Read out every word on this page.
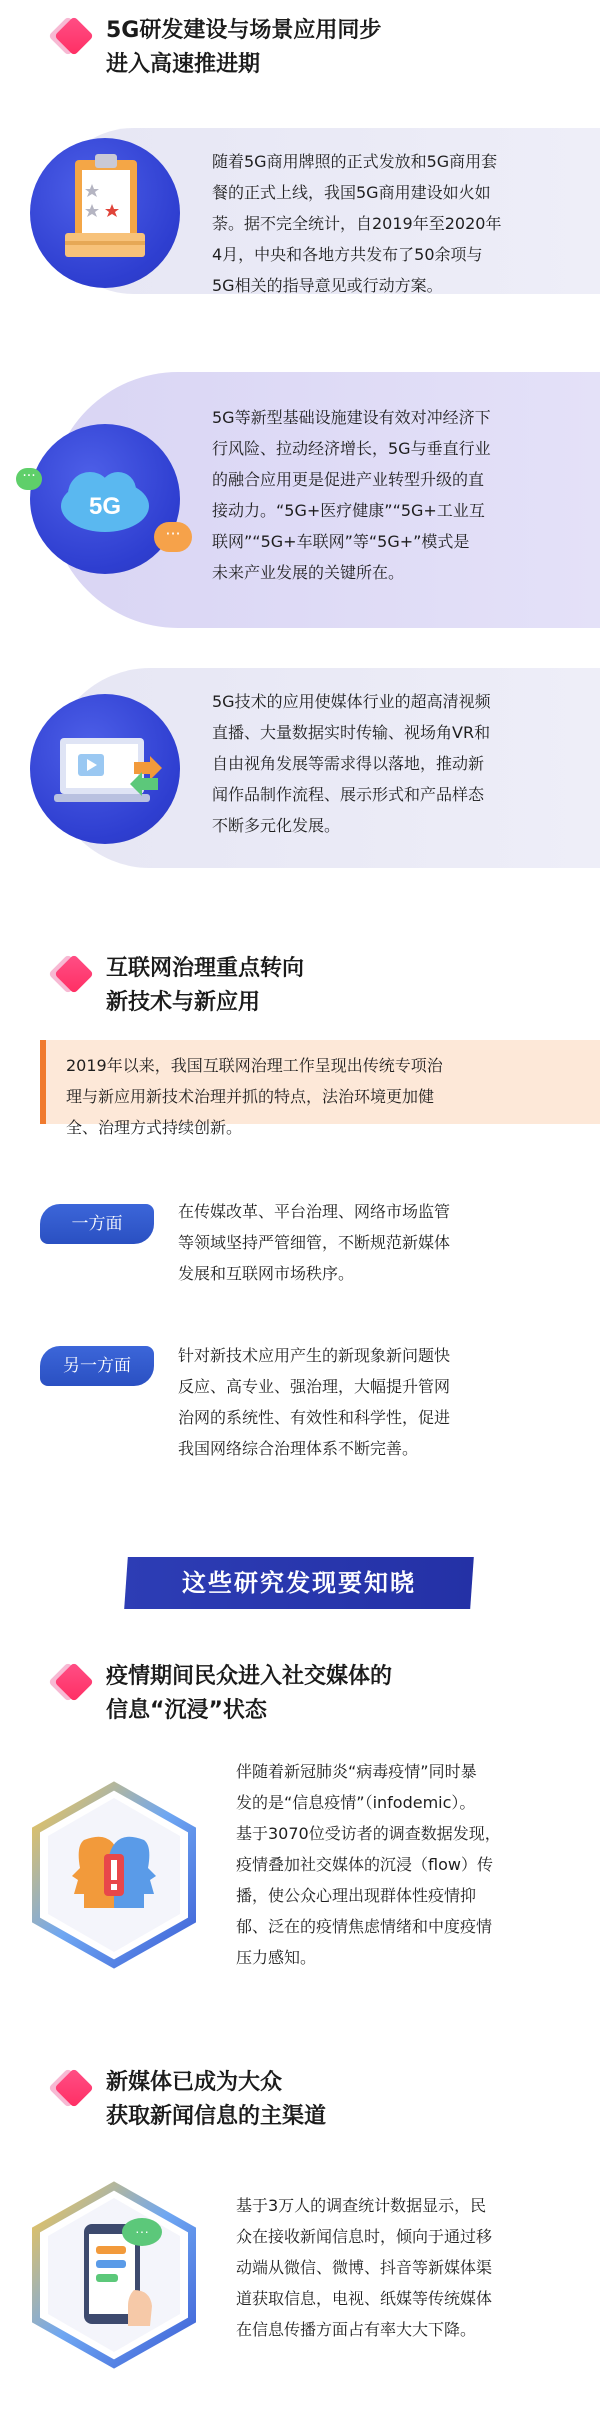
5G研发建设与场景应用同步
进入高速推进期
随着5G商用牌照的正式发放和5G商用套
餐的正式上线，我国5G商用建设如火如
荼。据不完全统计，自2019年至2020年
4月，中央和各地方共发布了50余项与
5G相关的指导意见或行动方案。
5G
···
···
5G等新型基础设施建设有效对冲经济下
行风险、拉动经济增长，5G与垂直行业
的融合应用更是促进产业转型升级的直
接动力。“5G+医疗健康”“5G+工业互
联网”“5G+车联网”等“5G+”模式是
未来产业发展的关键所在。
5G技术的应用使媒体行业的超高清视频
直播、大量数据实时传输、视场角VR和
自由视角发展等需求得以落地，推动新
闻作品制作流程、展示形式和产品样态
不断多元化发展。
互联网治理重点转向
新技术与新应用
2019年以来，我国互联网治理工作呈现出传统专项治
理与新应用新技术治理并抓的特点，法治环境更加健
全、治理方式持续创新。
一方面
在传媒改革、平台治理、网络市场监管
等领域坚持严管细管，不断规范新媒体
发展和互联网市场秩序。
另一方面
针对新技术应用产生的新现象新问题快
反应、高专业、强治理，大幅提升管网
治网的系统性、有效性和科学性，促进
我国网络综合治理体系不断完善。
这些研究发现要知晓
疫情期间民众进入社交媒体的
信息“沉浸”状态
伴随着新冠肺炎“病毒疫情”同时暴
发的是“信息疫情”（infodemic）。
基于3070位受访者的调查数据发现，
疫情叠加社交媒体的沉浸（flow）传
播，使公众心理出现群体性疫情抑
郁、泛在的疫情焦虑情绪和中度疫情
压力感知。
新媒体已成为大众
获取新闻信息的主渠道
···
基于3万人的调查统计数据显示，民
众在接收新闻信息时，倾向于通过移
动端从微信、微博、抖音等新媒体渠
道获取信息，电视、纸媒等传统媒体
在信息传播方面占有率大大下降。
